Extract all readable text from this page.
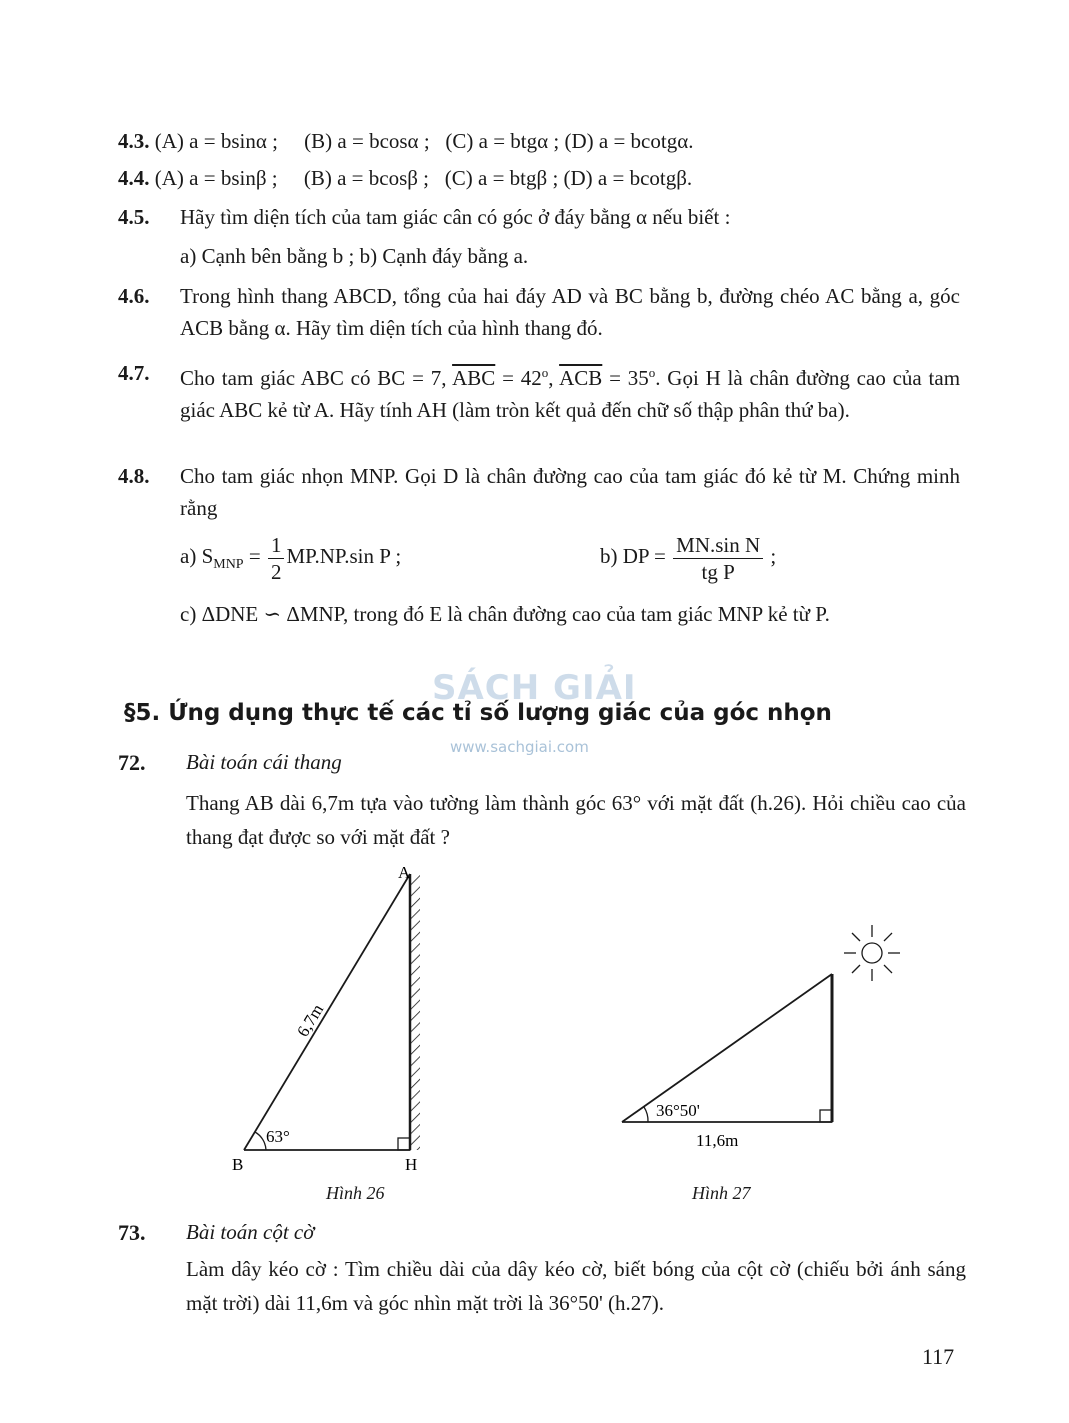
4.3. (A) a = bsinα ;     (B) a = bcosα ;   (C) a = btgα ; (D) a = bcotgα.
4.4. (A) a = bsinβ ;     (B) a = bcosβ ;   (C) a = btgβ ; (D) a = bcotgβ.
4.5. Hãy tìm diện tích của tam giác cân có góc ở đáy bằng α nếu biết :
a) Cạnh bên bằng b ; b) Cạnh đáy bằng a.
4.6. Trong hình thang ABCD, tổng của hai đáy AD và BC bằng b, đường chéo AC bằng a, góc ACB bằng α. Hãy tìm diện tích của hình thang đó.
4.7. Cho tam giác ABC có BC = 7, $\overline{ABC} = 42^o$, $\overline{ACB} = 35^o$. Gọi H là chân đường cao của tam giác ABC kẻ từ A. Hãy tính AH (làm tròn kết quả đến chữ số thập phân thứ ba).
4.8. Cho tam giác nhọn MNP. Gọi D là chân đường cao của tam giác đó kẻ từ M. Chứng minh rằng
a) $S_{MNP} = \frac{1}{2} MP.NP.\sin$ P ;	b) DP = $\frac{\text{MN.sin N}}{\text{tg P}}$ ;
c) ΔDNE ∽ ΔMNP, trong đó E là chân đường cao của tam giác MNP kẻ từ P.
SÁCH GIẢI
www.sachgiai.com
§5. Ứng dụng thực tế các tỉ số lượng giác của góc nhọn
72. Bài toán cái thang
Thang AB dài 6,7m tựa vào tường làm thành góc 63° với mặt đất (h.26). Hỏi chiều cao của thang đạt được so với mặt đất ?
A
B	H
63°
6,7m
Hình 26
36°50'
11,6m
Hình 27
73. Bài toán cột cờ
Làm dây kéo cờ : Tìm chiều dài của dây kéo cờ, biết bóng của cột cờ (chiếu bởi ánh sáng mặt trời) dài 11,6m và góc nhìn mặt trời là 36°50' (h.27).
117
